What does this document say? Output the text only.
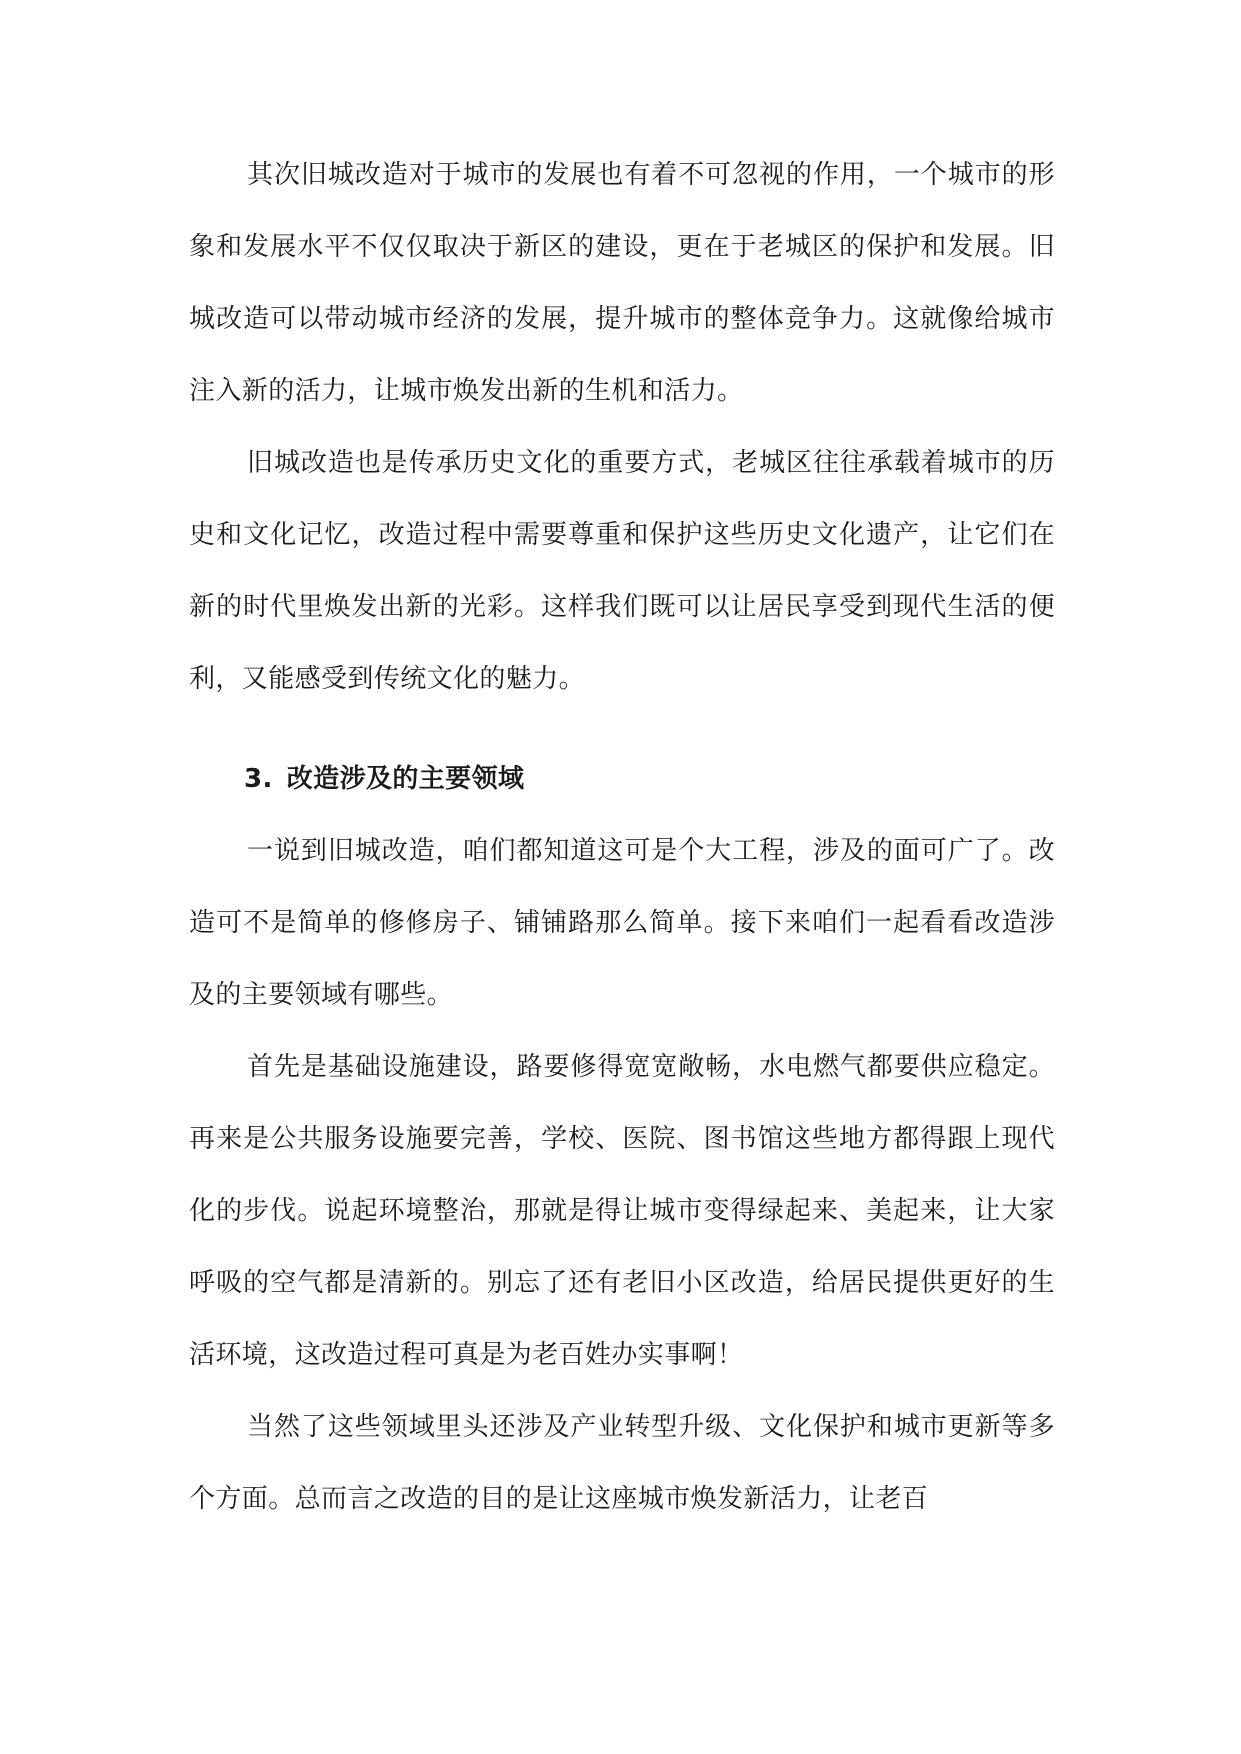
其次旧城改造对于城市的发展也有着不可忽视的作用，一个城市的形象和发展水平不仅仅取决于新区的建设，更在于老城区的保护和发展。旧城改造可以带动城市经济的发展，提升城市的整体竞争力。这就像给城市注入新的活力，让城市焕发出新的生机和活力。

旧城改造也是传承历史文化的重要方式，老城区往往承载着城市的历史和文化记忆，改造过程中需要尊重和保护这些历史文化遗产，让它们在新的时代里焕发出新的光彩。这样我们既可以让居民享受到现代生活的便利，又能感受到传统文化的魅力。

3. 改造涉及的主要领域

一说到旧城改造，咱们都知道这可是个大工程，涉及的面可广了。改造可不是简单的修修房子、铺铺路那么简单。接下来咱们一起看看改造涉及的主要领域有哪些。

首先是基础设施建设，路要修得宽宽敞畅，水电燃气都要供应稳定。再来是公共服务设施要完善，学校、医院、图书馆这些地方都得跟上现代化的步伐。说起环境整治，那就是得让城市变得绿起来、美起来，让大家呼吸的空气都是清新的。别忘了还有老旧小区改造，给居民提供更好的生活环境，这改造过程可真是为老百姓办实事啊！

当然了这些领域里头还涉及产业转型升级、文化保护和城市更新等多个方面。总而言之改造的目的是让这座城市焕发新活力，让老百
